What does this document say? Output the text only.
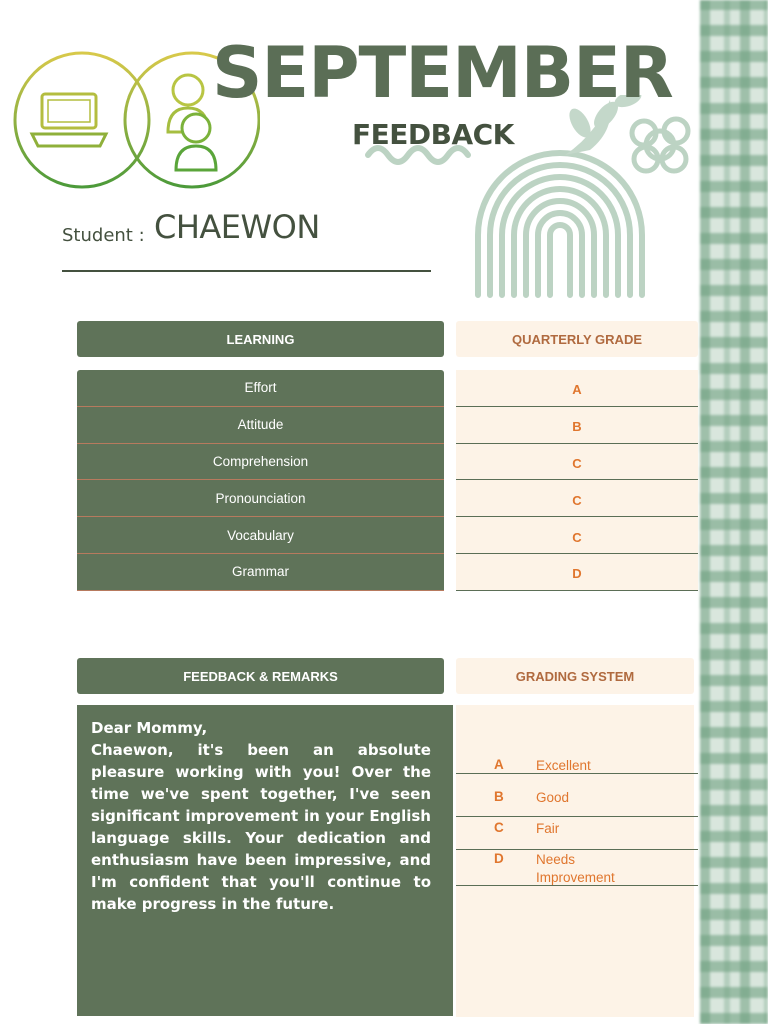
SEPTEMBER
FEEDBACK
Student : CHAEWON
LEARNING	QUARTERLY GRADE
Effort
Attitude
Comprehension
Pronounciation
Vocabulary
Grammar
A
B
C
C
C
D
FEEDBACK & REMARKS	GRADING SYSTEM

Dear Mommy,

Chaewon, it's been an absolute pleasure working with you! Over the time we've spent together, I've seen significant improvement in your English language skills. Your dedication and enthusiasm have been impressive, and I'm confident that you'll continue to make progress in the future.

A Excellent
B Good
C Fair
D Needs Improvement
